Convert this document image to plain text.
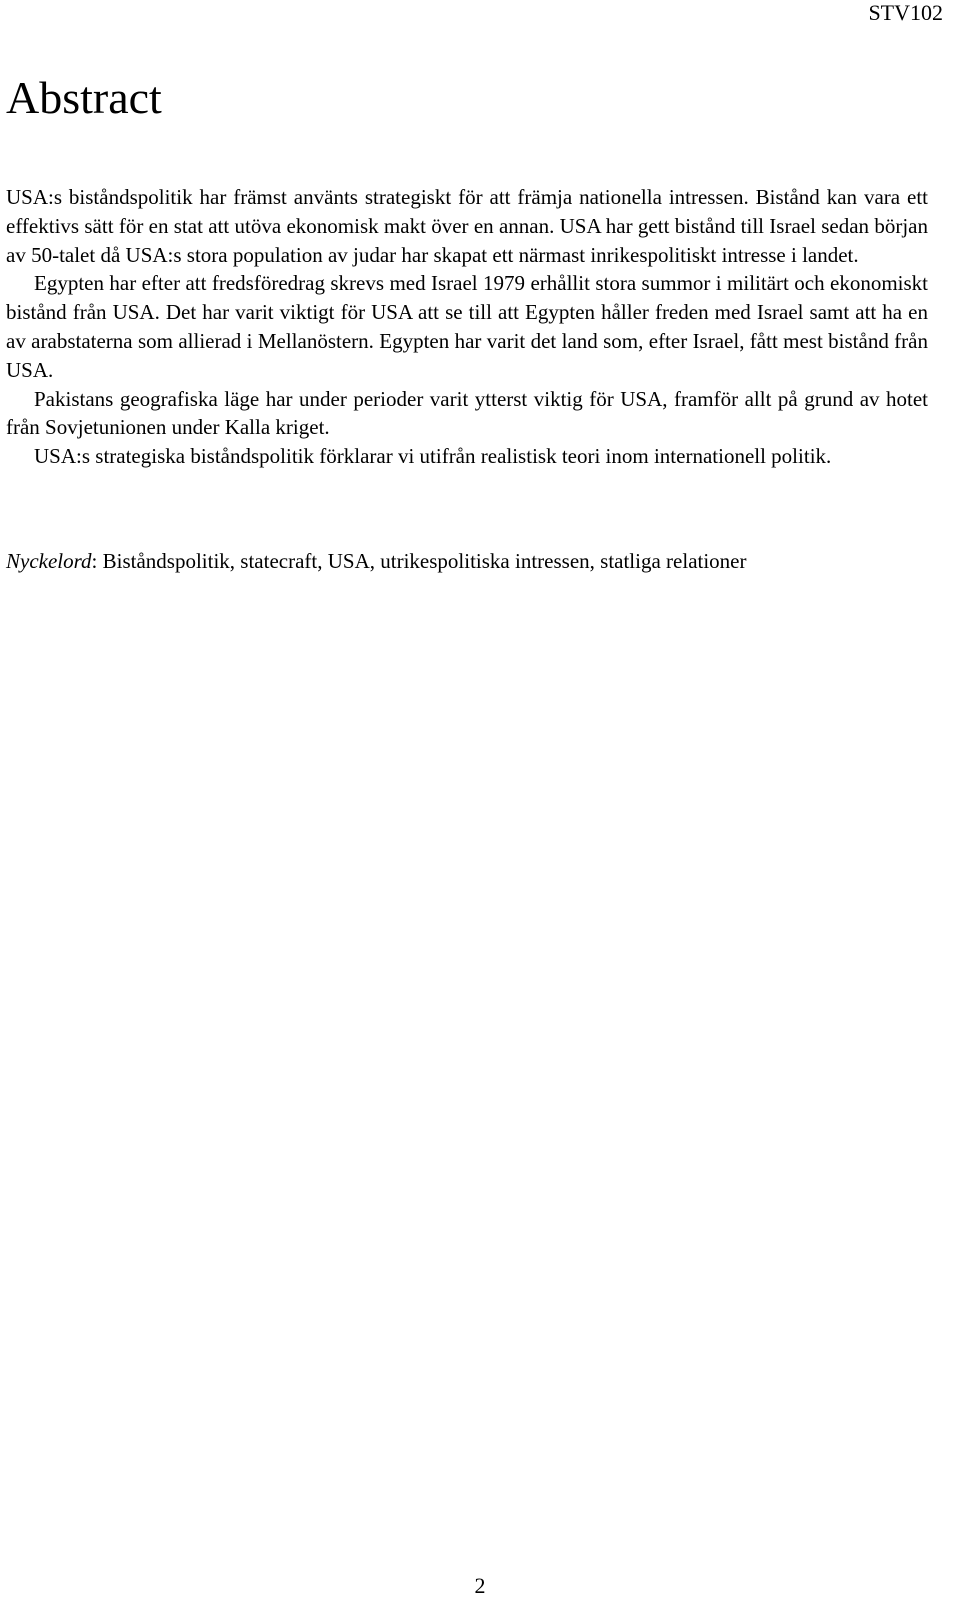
STV102
Abstract

USA:s biståndspolitik har främst använts strategiskt för att främja nationella intressen. Bistånd kan vara ett effektivs sätt för en stat att utöva ekonomisk makt över en annan. USA har gett bistånd till Israel sedan början av 50-talet då USA:s stora population av judar har skapat ett närmast inrikespolitiskt intresse i landet.

Egypten har efter att fredsföredrag skrevs med Israel 1979 erhållit stora summor i militärt och ekonomiskt bistånd från USA. Det har varit viktigt för USA att se till att Egypten håller freden med Israel samt att ha en av arabstaterna som allierad i Mellanöstern. Egypten har varit det land som, efter Israel, fått mest bistånd från USA.

Pakistans geografiska läge har under perioder varit ytterst viktig för USA, framför allt på grund av hotet från Sovjetunionen under Kalla kriget.

USA:s strategiska biståndspolitik förklarar vi utifrån realistisk teori inom internationell politik.

Nyckelord: Biståndspolitik, statecraft, USA, utrikespolitiska intressen, statliga relationer

2
